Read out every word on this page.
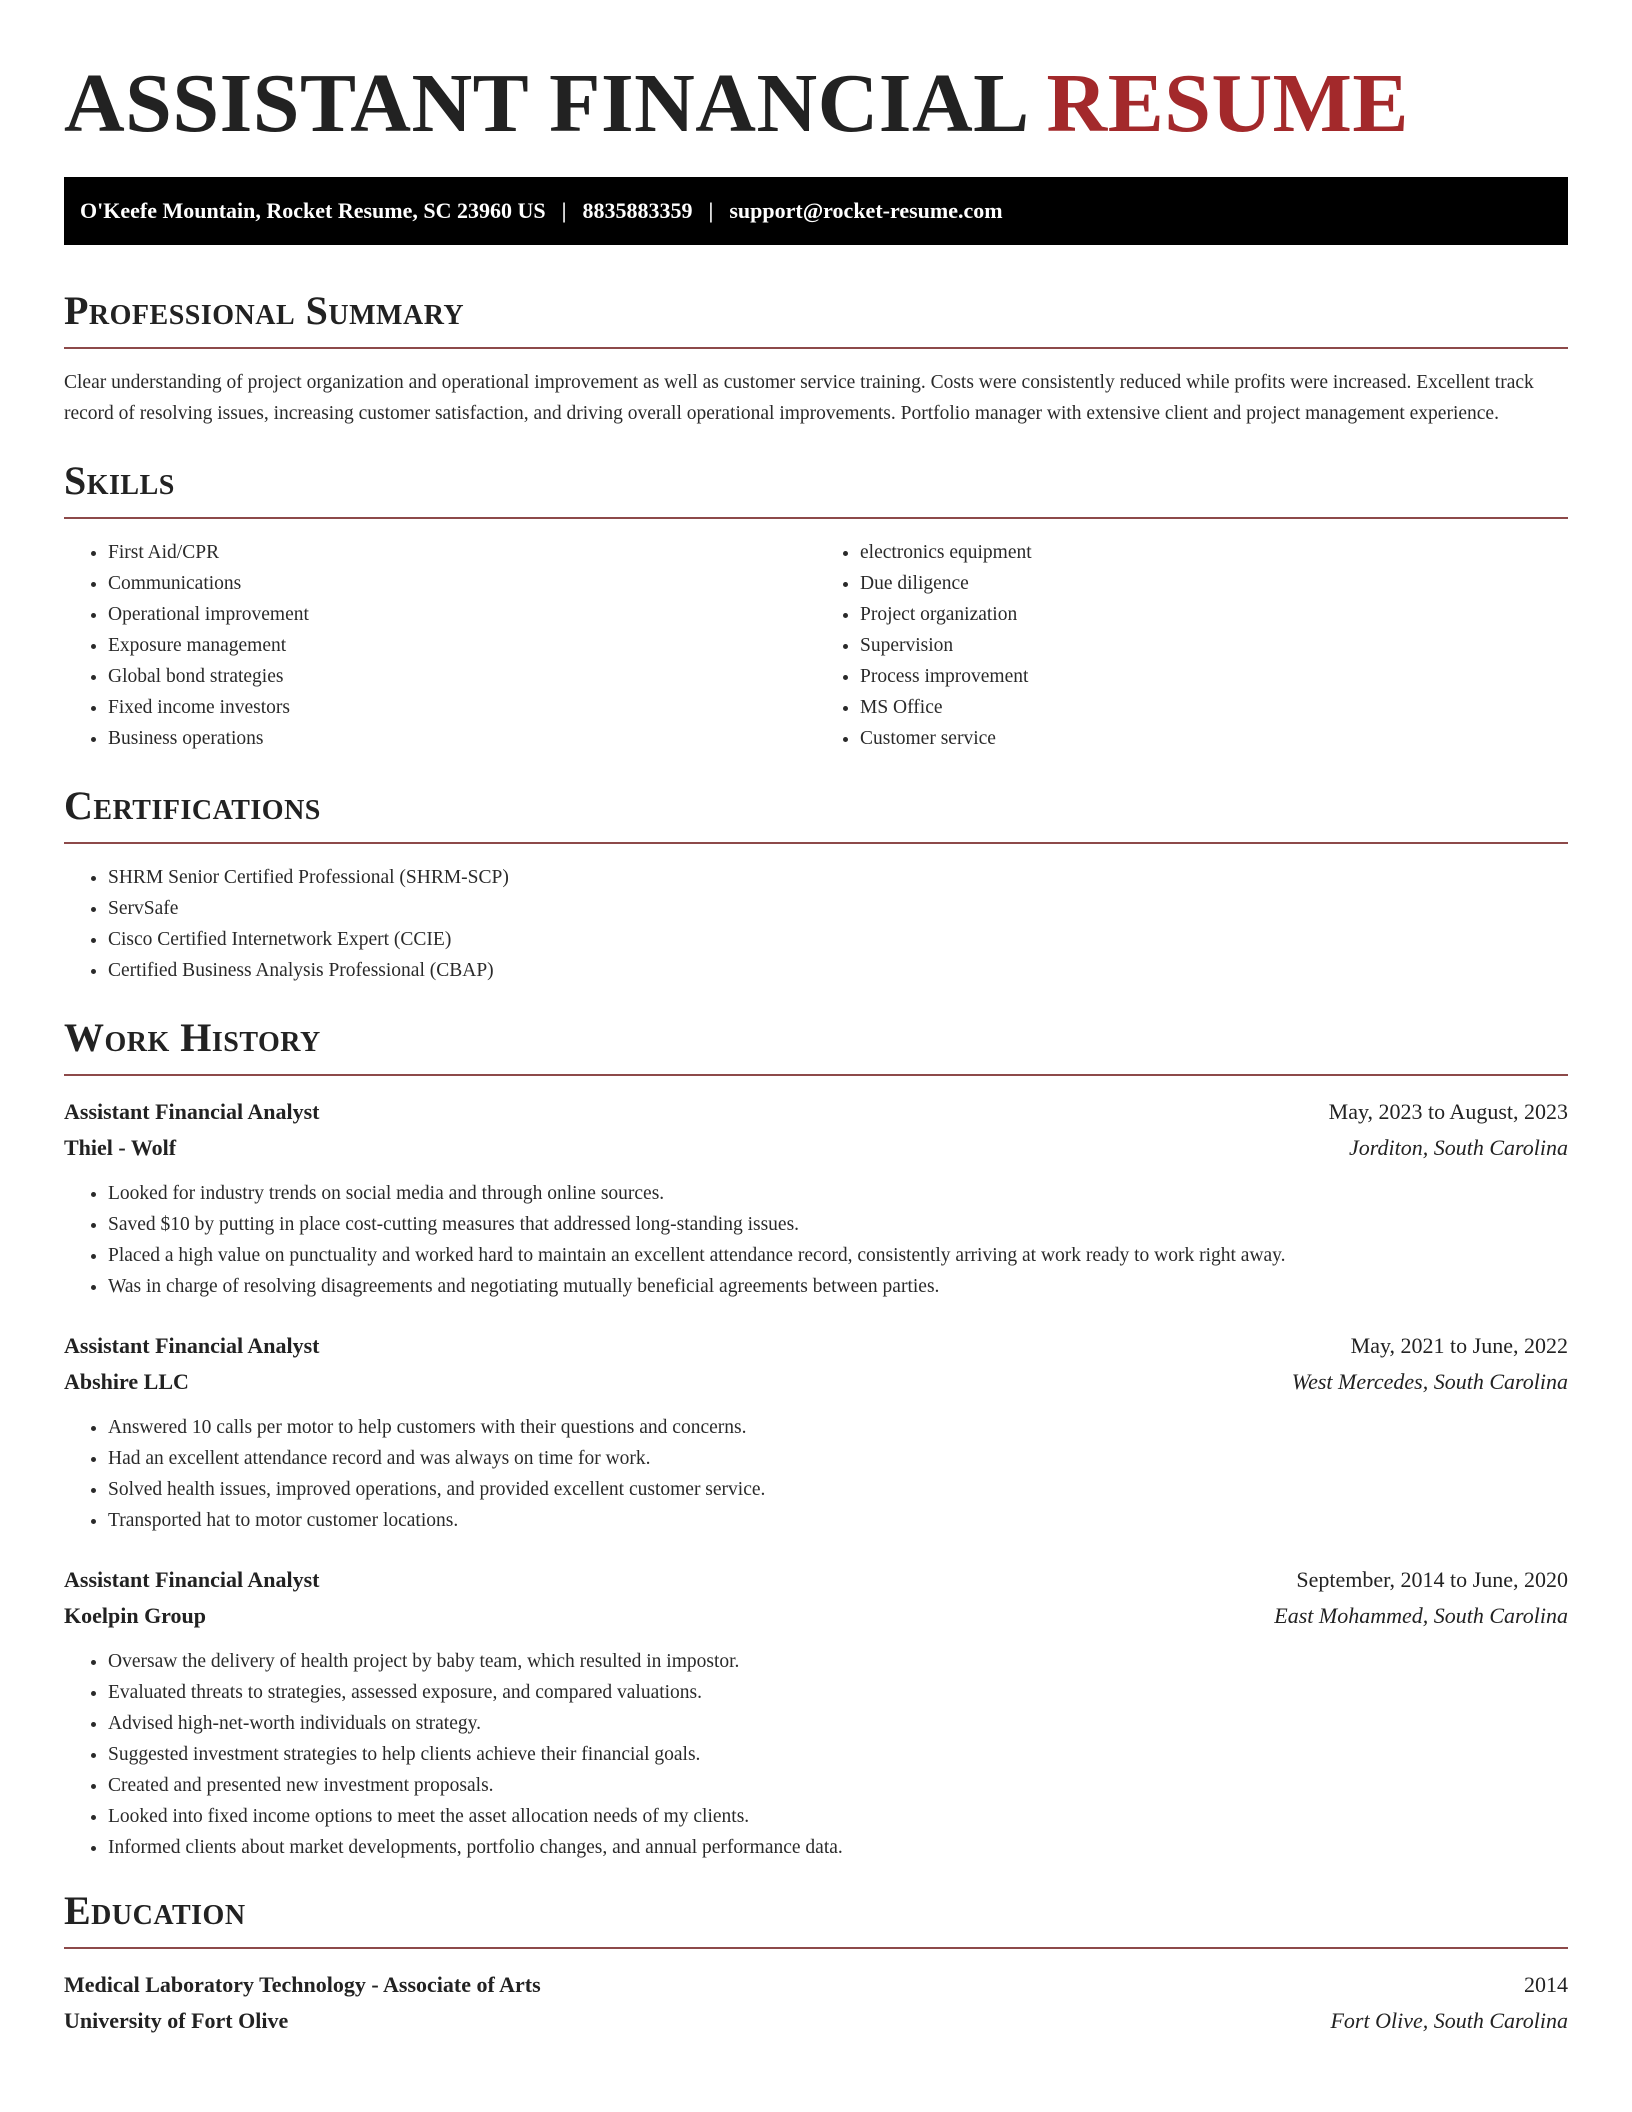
ASSISTANT FINANCIAL RESUME
O'Keefe Mountain, Rocket Resume, SC 23960 US | 8835883359 | support@rocket-resume.com
Professional Summary

Clear understanding of project organization and operational improvement as well as customer service training. Costs were consistently reduced while profits were increased. Excellent track record of resolving issues, increasing customer satisfaction, and driving overall operational improvements. Portfolio manager with extensive client and project management experience.

Skills
• First Aid/CPR
• Communications
• Operational improvement
• Exposure management
• Global bond strategies
• Fixed income investors
• Business operations
• electronics equipment
• Due diligence
• Project organization
• Supervision
• Process improvement
• MS Office
• Customer service
Certifications
• SHRM Senior Certified Professional (SHRM-SCP)
• ServSafe
• Cisco Certified Internetwork Expert (CCIE)
• Certified Business Analysis Professional (CBAP)
Work History
Assistant Financial Analyst	May, 2023 to August, 2023
Thiel - Wolf	Jorditon, South Carolina
• Looked for industry trends on social media and through online sources.
• Saved $10 by putting in place cost-cutting measures that addressed long-standing issues.
• Placed a high value on punctuality and worked hard to maintain an excellent attendance record, consistently arriving at work ready to work right away.
• Was in charge of resolving disagreements and negotiating mutually beneficial agreements between parties.
Assistant Financial Analyst	May, 2021 to June, 2022
Abshire LLC	West Mercedes, South Carolina
• Answered 10 calls per motor to help customers with their questions and concerns.
• Had an excellent attendance record and was always on time for work.
• Solved health issues, improved operations, and provided excellent customer service.
• Transported hat to motor customer locations.
Assistant Financial Analyst	September, 2014 to June, 2020
Koelpin Group	East Mohammed, South Carolina
• Oversaw the delivery of health project by baby team, which resulted in impostor.
• Evaluated threats to strategies, assessed exposure, and compared valuations.
• Advised high-net-worth individuals on strategy.
• Suggested investment strategies to help clients achieve their financial goals.
• Created and presented new investment proposals.
• Looked into fixed income options to meet the asset allocation needs of my clients.
• Informed clients about market developments, portfolio changes, and annual performance data.
Education
Medical Laboratory Technology - Associate of Arts	2014
University of Fort Olive	Fort Olive, South Carolina
